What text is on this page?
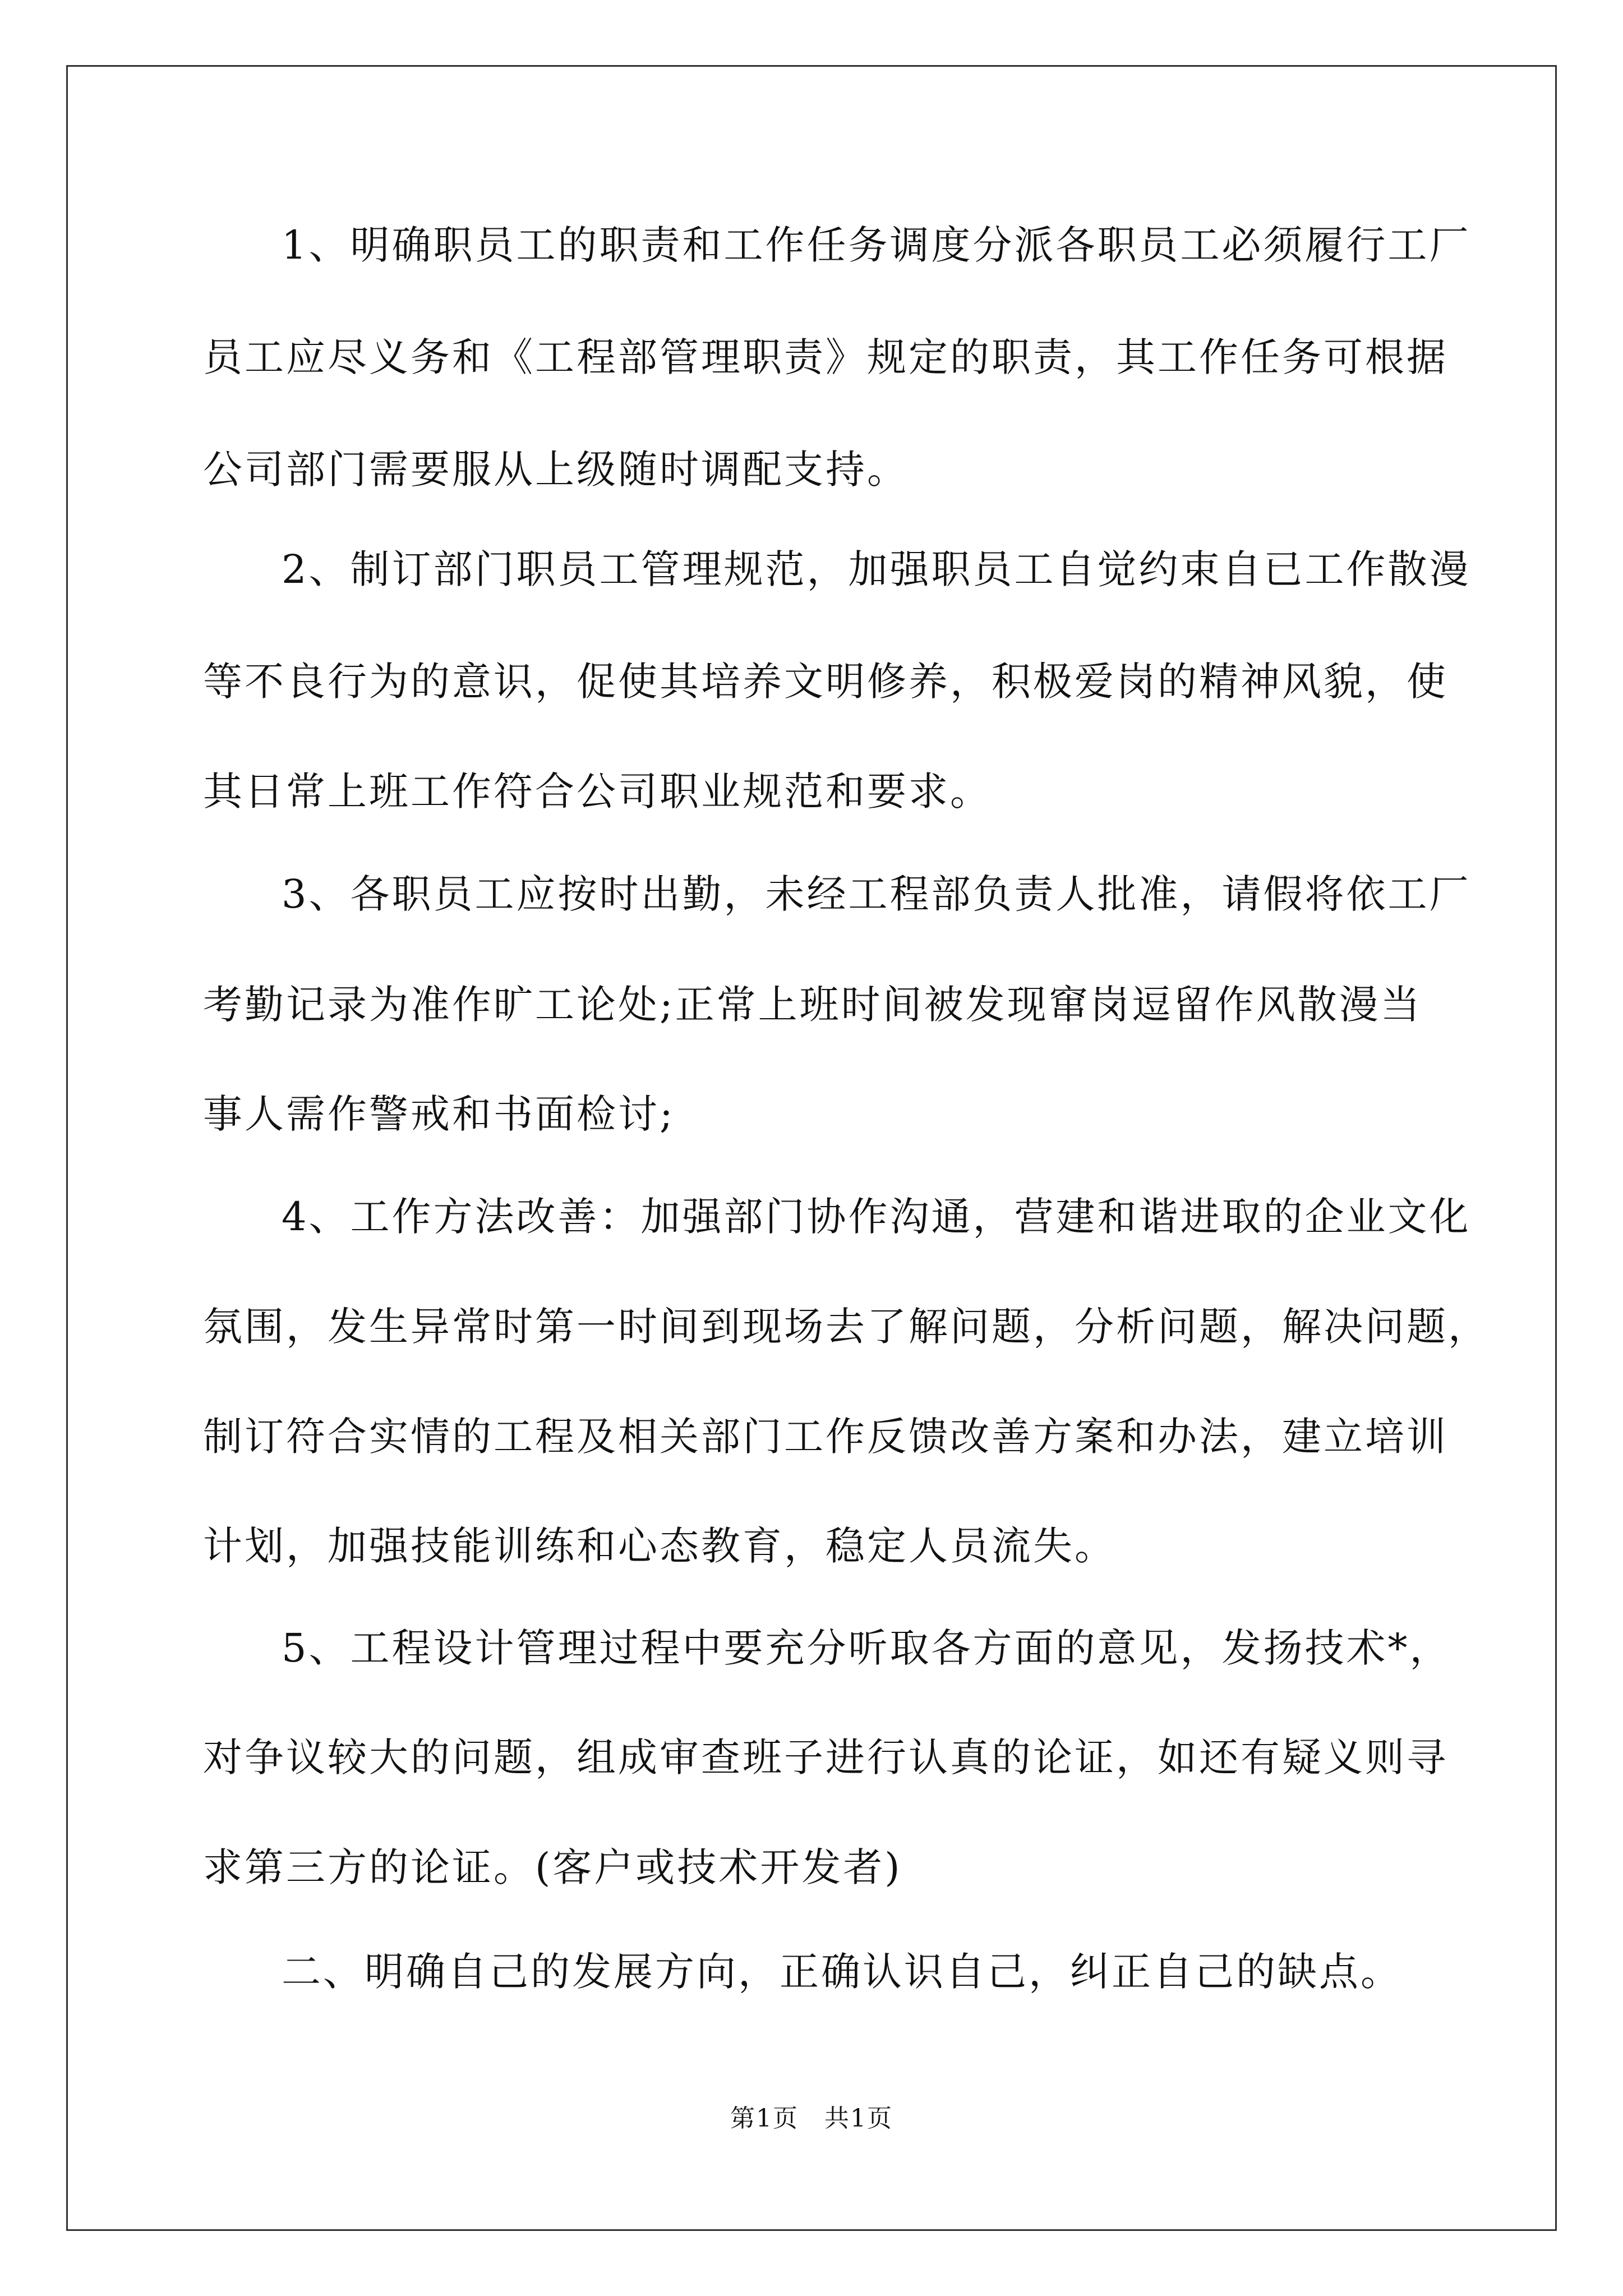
1、明确职员工的职责和工作任务调度分派各职员工必须履行工厂
员工应尽义务和《工程部管理职责》规定的职责，其工作任务可根据
公司部门需要服从上级随时调配支持。
2、制订部门职员工管理规范，加强职员工自觉约束自已工作散漫
等不良行为的意识，促使其培养文明修养，积极爱岗的精神风貌，使
其日常上班工作符合公司职业规范和要求。
3、各职员工应按时出勤，未经工程部负责人批准，请假将依工厂
考勤记录为准作旷工论处;正常上班时间被发现窜岗逗留作风散漫当
事人需作警戒和书面检讨;
4、工作方法改善：加强部门协作沟通，营建和谐进取的企业文化
氛围，发生异常时第一时间到现场去了解问题，分析问题，解决问题，
制订符合实情的工程及相关部门工作反馈改善方案和办法，建立培训
计划，加强技能训练和心态教育，稳定人员流失。
5、工程设计管理过程中要充分听取各方面的意见，发扬技术*，
对争议较大的问题，组成审查班子进行认真的论证，如还有疑义则寻
求第三方的论证。(客户或技术开发者)
二、明确自己的发展方向，正确认识自己，纠正自己的缺点。
第1页　共1页
